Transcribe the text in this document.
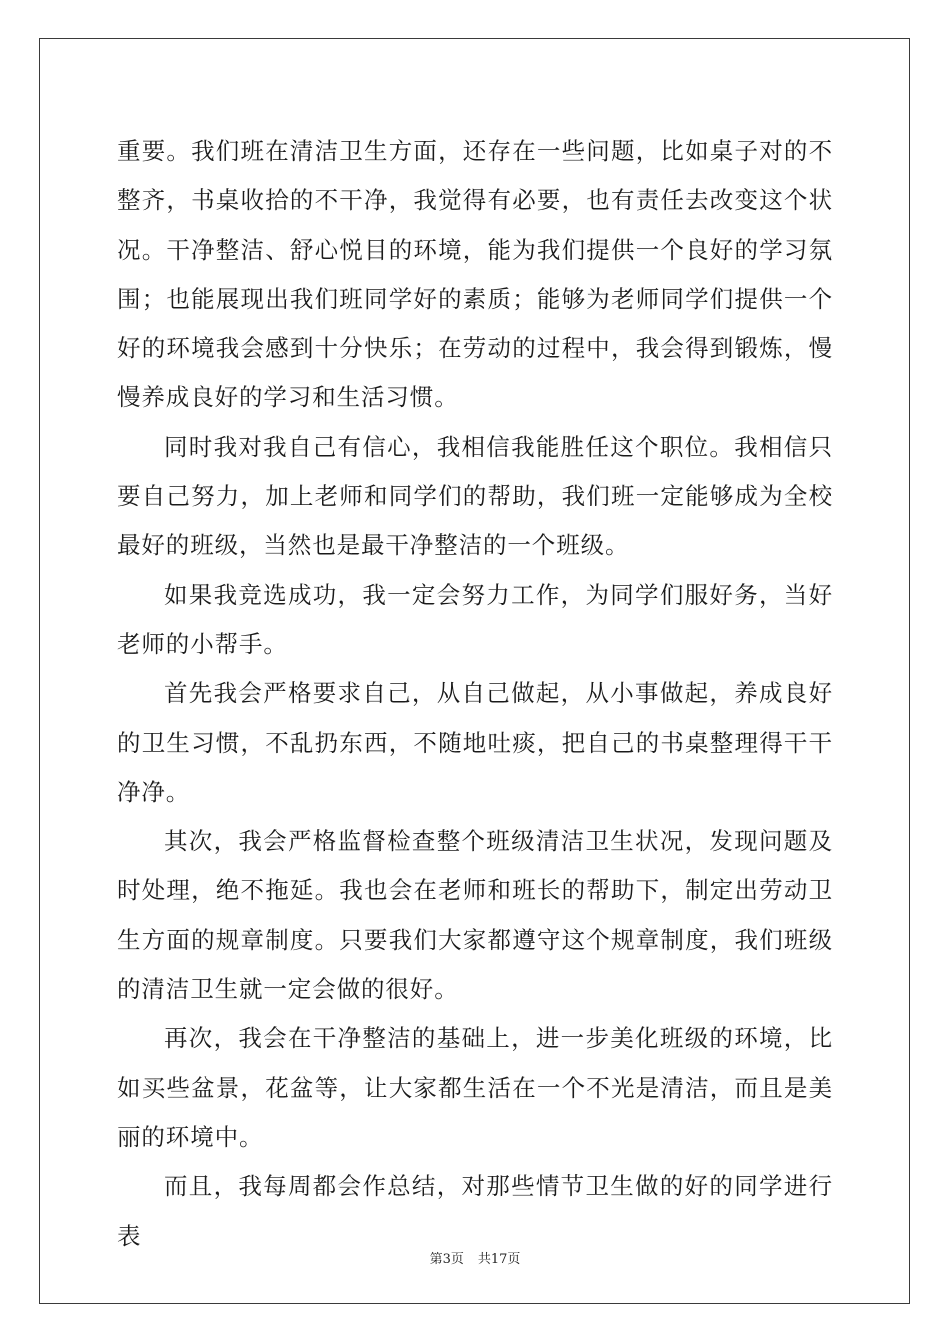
重要。我们班在清洁卫生方面，还存在一些问题，比如桌子对的不整齐，书桌收拾的不干净，我觉得有必要，也有责任去改变这个状况。干净整洁、舒心悦目的环境，能为我们提供一个良好的学习氛围；也能展现出我们班同学好的素质；能够为老师同学们提供一个好的环境我会感到十分快乐；在劳动的过程中，我会得到锻炼，慢慢养成良好的学习和生活习惯。

同时我对我自己有信心，我相信我能胜任这个职位。我相信只要自己努力，加上老师和同学们的帮助，我们班一定能够成为全校最好的班级，当然也是最干净整洁的一个班级。

如果我竞选成功，我一定会努力工作，为同学们服好务，当好老师的小帮手。

首先我会严格要求自己，从自己做起，从小事做起，养成良好的卫生习惯，不乱扔东西，不随地吐痰，把自己的书桌整理得干干净净。

其次，我会严格监督检查整个班级清洁卫生状况，发现问题及时处理，绝不拖延。我也会在老师和班长的帮助下，制定出劳动卫生方面的规章制度。只要我们大家都遵守这个规章制度，我们班级的清洁卫生就一定会做的很好。

再次，我会在干净整洁的基础上，进一步美化班级的环境，比如买些盆景，花盆等，让大家都生活在一个不光是清洁，而且是美丽的环境中。

而且，我每周都会作总结，对那些情节卫生做的好的同学进行表

第3页 共17页
